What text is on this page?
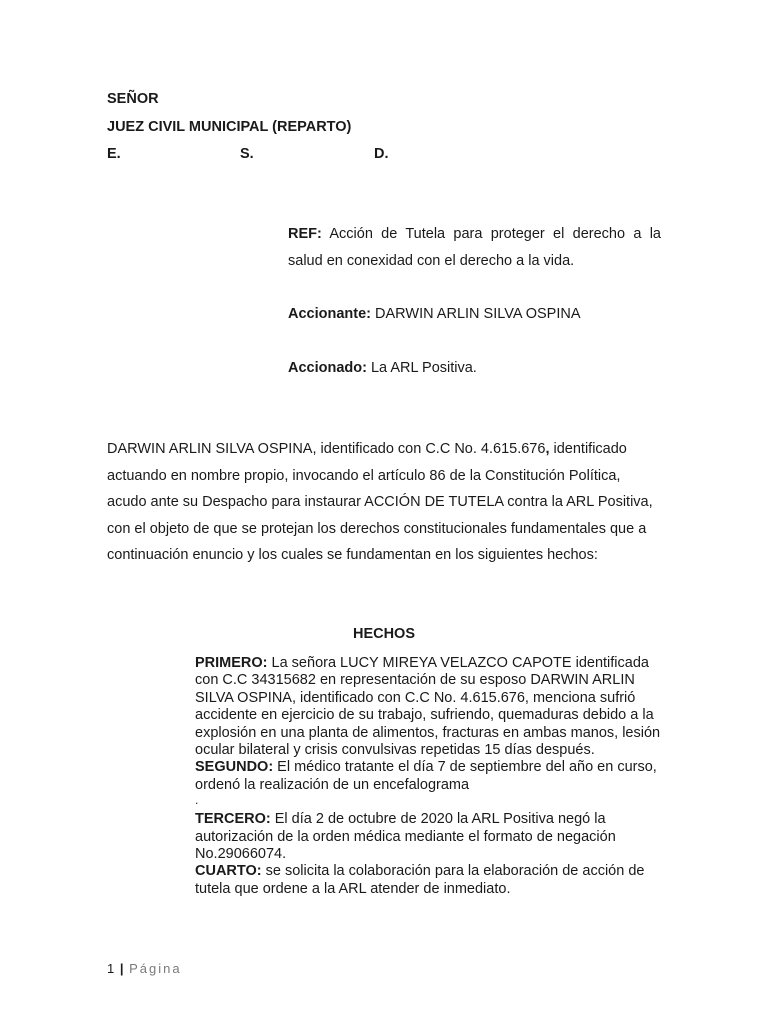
SEÑOR
JUEZ CIVIL MUNICIPAL (REPARTO)
E.	S.	D.
REF: Acción de Tutela para proteger el derecho a la salud en conexidad con el derecho a la vida.
Accionante: DARWIN ARLIN SILVA OSPINA
Accionado: La ARL Positiva.
DARWIN ARLIN SILVA OSPINA, identificado con C.C No. 4.615.676, identificado actuando en nombre propio, invocando el artículo 86 de la Constitución Política, acudo ante su Despacho para instaurar ACCIÓN DE TUTELA contra la ARL Positiva, con el objeto de que se protejan los derechos constitucionales fundamentales que a continuación enuncio y los cuales se fundamentan en los siguientes hechos:
HECHOS

PRIMERO: La señora LUCY MIREYA VELAZCO CAPOTE identificada con C.C 34315682 en representación de su esposo DARWIN ARLIN SILVA OSPINA, identificado con C.C No. 4.615.676, menciona sufrió accidente en ejercicio de su trabajo, sufriendo, quemaduras debido a la explosión en una planta de alimentos, fracturas en ambas manos, lesión ocular bilateral y crisis convulsivas repetidas 15 días después.

SEGUNDO: El médico tratante el día 7 de septiembre del año en curso, ordenó la realización de un encefalograma

.

TERCERO: El día 2 de octubre de 2020 la ARL Positiva negó la autorización de la orden médica mediante el formato de negación No.29066074.

CUARTO: se solicita la colaboración para la elaboración de acción de tutela que ordene a la ARL atender de inmediato.

1 | Página
